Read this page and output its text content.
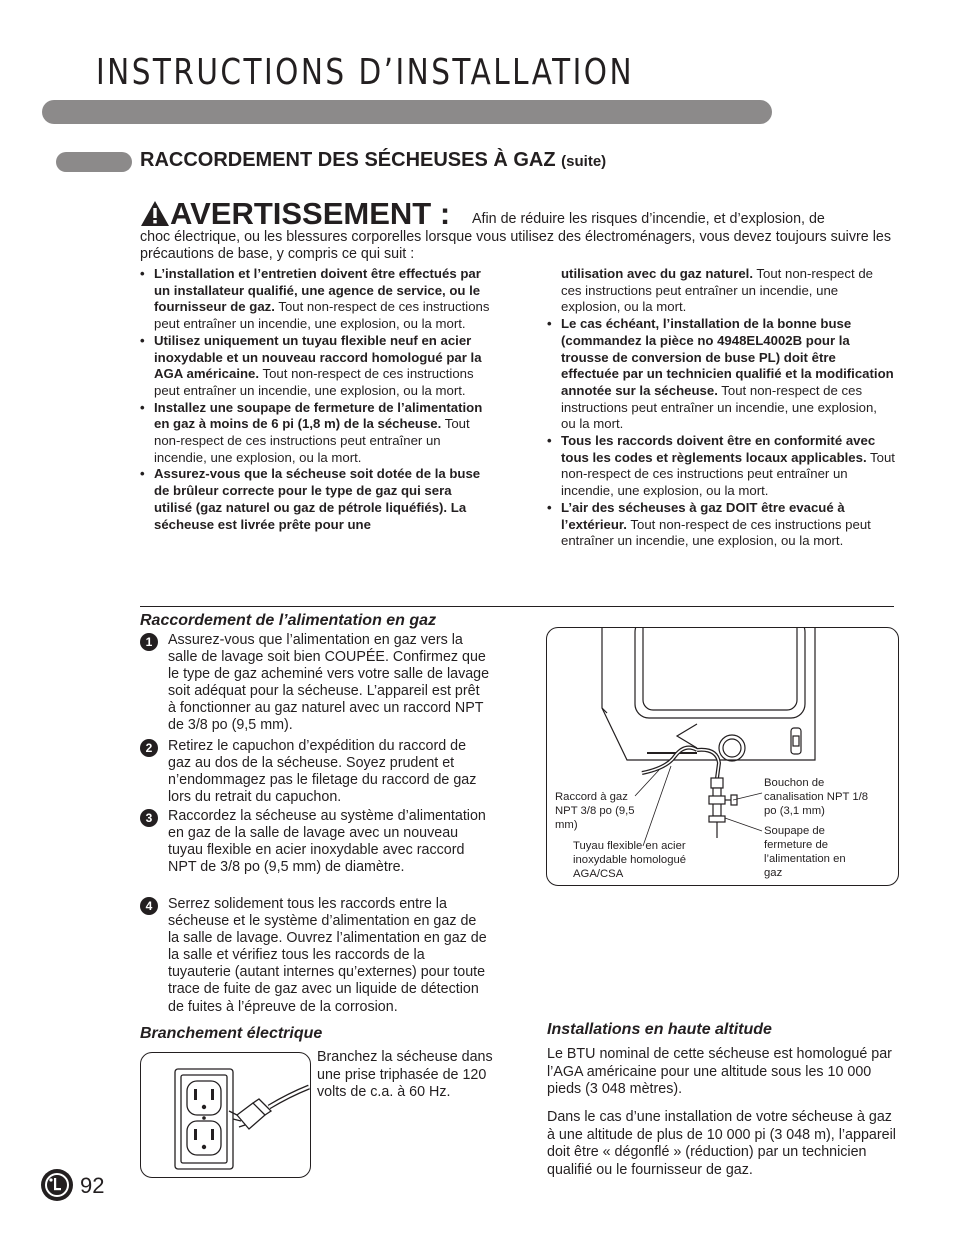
INSTRUCTIONS D’INSTALLATION
RACCORDEMENT DES SÉCHEUSES À GAZ (suite)
AVERTISSEMENT : Afin de réduire les risques d’incendie, et d’explosion, de
choc électrique, ou les blessures corporelles lorsque vous utilisez des électroménagers, vous devez toujours suivre les précautions de base, y compris ce qui suit :

• L’installation et l’entretien doivent être effectués par un installateur qualifié, une agence de service, ou le fournisseur de gaz. Tout non-respect de ces instructions peut entraîner un incendie, une explosion, ou la mort.

• Utilisez uniquement un tuyau flexible neuf en acier inoxydable et un nouveau raccord homologué par la AGA américaine. Tout non-respect de ces instructions peut entraîner un incendie, une explosion, ou la mort.

• Installez une soupape de fermeture de l’alimentation en gaz à moins de 6 pi (1,8 m) de la sécheuse. Tout non-respect de ces instructions peut entraîner un incendie, une explosion, ou la mort.

• Assurez-vous que la sécheuse soit dotée de la buse de brûleur correcte pour le type de gaz qui sera utilisé (gaz naturel ou gaz de pétrole liquéfiés). La sécheuse est livrée prête pour une

utilisation avec du gaz naturel. Tout non-respect de ces instructions peut entraîner un incendie, une explosion, ou la mort.

• Le cas échéant, l’installation de la bonne buse (commandez la pièce no 4948EL4002B pour la trousse de conversion de buse PL) doit être effectuée par un technicien qualifié et la modification annotée sur la sécheuse. Tout non-respect de ces instructions peut entraîner un incendie, une explosion, ou la mort.

• Tous les raccords doivent être en conformité avec tous les codes et règlements locaux applicables. Tout non-respect de ces instructions peut entraîner un incendie, une explosion, ou la mort.

• L’air des sécheuses à gaz DOIT être evacué à l’extérieur. Tout non-respect de ces instructions peut entraîner un incendie, une explosion, ou la mort.

Raccordement de l’alimentation en gaz
1	Assurez-vous que l’alimentation en gaz vers la salle de lavage soit bien COUPÉE. Confirmez que le type de gaz acheminé vers votre salle de lavage soit adéquat pour la sécheuse. L’appareil est prêt à fonctionner au gaz naturel avec un raccord NPT de 3/8 po (9,5 mm).
2	Retirez le capuchon d’expédition du raccord de gaz au dos de la sécheuse. Soyez prudent et n’endommagez pas le filetage du raccord de gaz lors du retrait du capuchon.
3	Raccordez la sécheuse au système d’alimentation en gaz de la salle de lavage avec un nouveau tuyau flexible en acier inoxydable avec raccord NPT de 3/8 po (9,5 mm) de diamètre.
4	Serrez solidement tous les raccords entre la sécheuse et le système d’alimentation en gaz de la salle de lavage. Ouvrez l’alimentation en gaz de la salle et vérifiez tous les raccords de la tuyauterie (autant internes qu’externes) pour toute trace de fuite de gaz avec un liquide de détection de fuites à l’épreuve de la corrosion.
Raccord à gaz NPT 3/8 po (9,5 mm)
Tuyau flexible en acier inoxydable homologué AGA/CSA
Bouchon de canalisation NPT 1/8 po (3,1 mm)
Soupape de fermeture de l’alimentation en gaz
Branchement électrique
Branchez la sécheuse dans une prise triphasée de 120 volts de c.a. à 60 Hz.
Installations en haute altitude
Le BTU nominal de cette sécheuse est homologué par l’AGA américaine pour une altitude sous les 10 000 pieds (3 048 mètres).
Dans le cas d’une installation de votre sécheuse à gaz à une altitude de plus de 10 000 pi (3 048 m), l’appareil doit être « dégonflé » (réduction) par un technicien qualifié ou le fournisseur de gaz.
92
